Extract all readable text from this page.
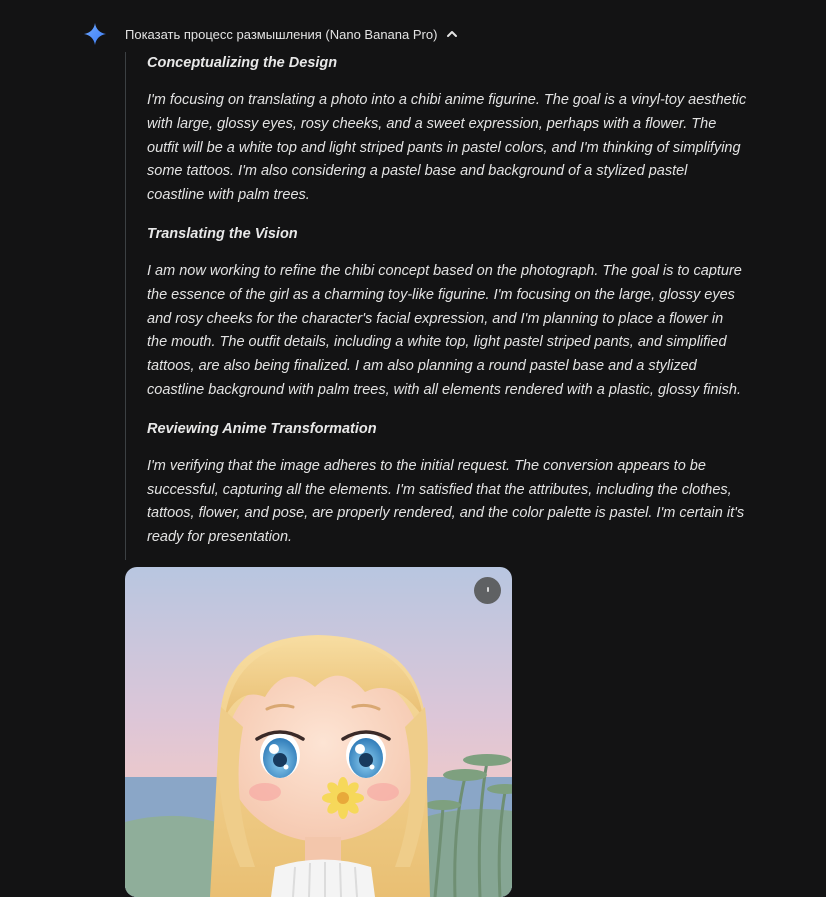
Показать процесс размышления (Nano Banana Pro)
Conceptualizing the Design

I'm focusing on translating a photo into a chibi anime figurine. The goal is a vinyl-toy aesthetic with large, glossy eyes, rosy cheeks, and a sweet expression, perhaps with a flower. The outfit will be a white top and light striped pants in pastel colors, and I'm thinking of simplifying some tattoos. I'm also considering a pastel base and background of a stylized pastel coastline with palm trees.

Translating the Vision

I am now working to refine the chibi concept based on the photograph. The goal is to capture the essence of the girl as a charming toy-like figurine. I'm focusing on the large, glossy eyes and rosy cheeks for the character's facial expression, and I'm planning to place a flower in the mouth. The outfit details, including a white top, light pastel striped pants, and simplified tattoos, are also being finalized. I am also planning a round pastel base and a stylized coastline background with palm trees, with all elements rendered with a plastic, glossy finish.

Reviewing Anime Transformation

I'm verifying that the image adheres to the initial request. The conversion appears to be successful, capturing all the elements. I'm satisfied that the attributes, including the clothes, tattoos, flower, and pose, are properly rendered, and the color palette is pastel. I'm certain it's ready for presentation.
